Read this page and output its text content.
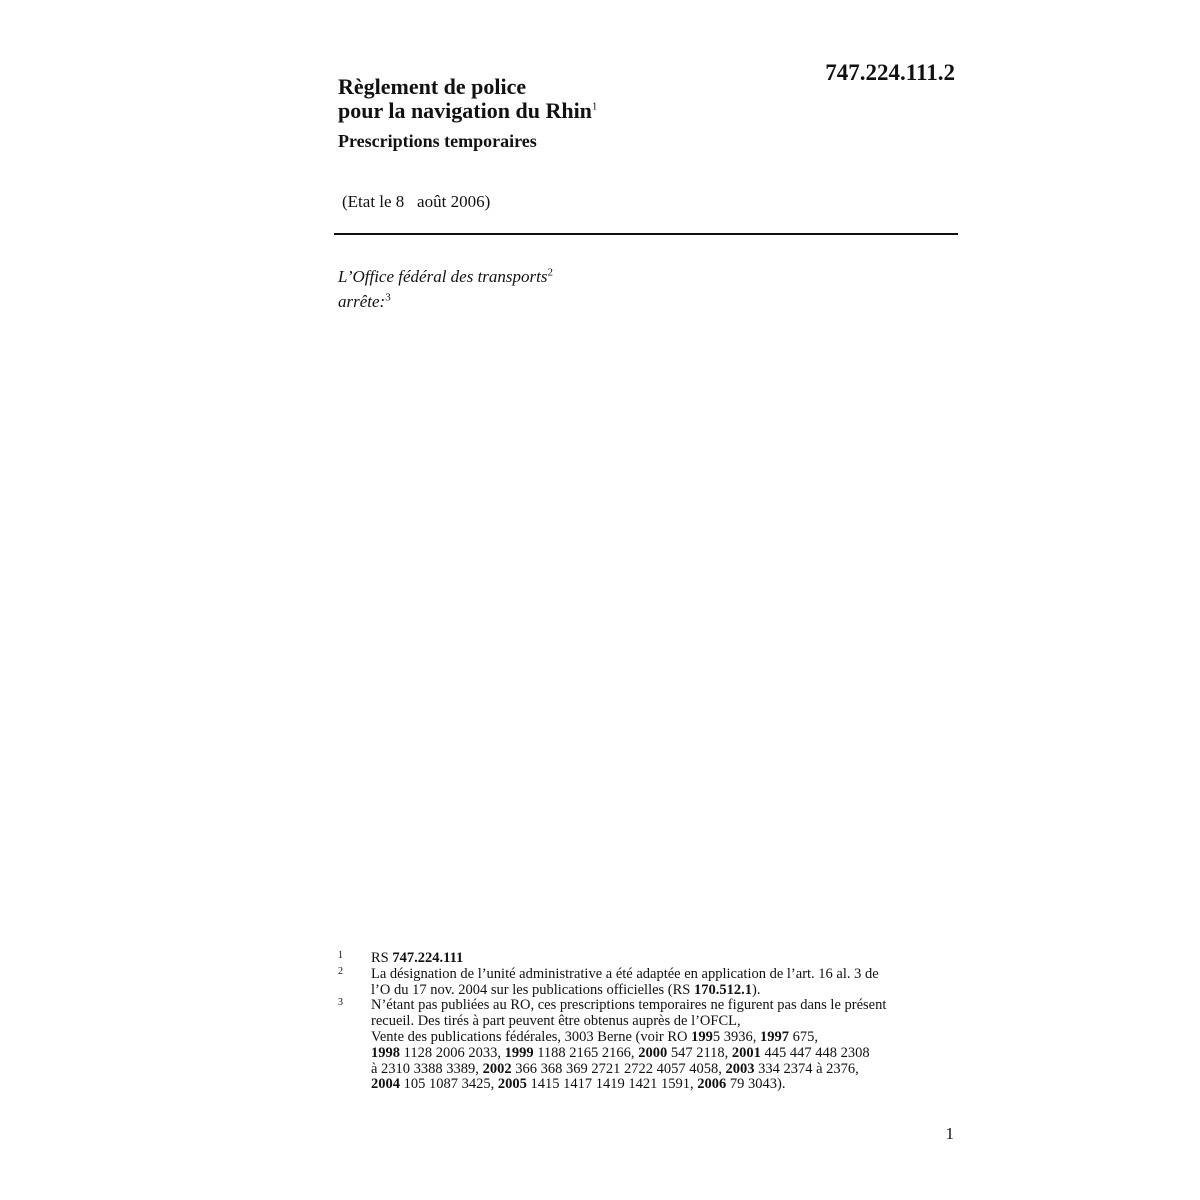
747.224.111.2
Règlement de police
pour la navigation du Rhin$^1$
Prescriptions temporaires
(Etat le 8   août 2006)
L’Office fédéral des transports$^2$
arrête:$^3$
1 RS 747.224.111
2 La désignation de l’unité administrative a été adaptée en application de l’art. 16 al. 3 de
l’O du 17 nov. 2004 sur les publications officielles (RS 170.512.1).
3 N’étant pas publiées au RO, ces prescriptions temporaires ne figurent pas dans le présent
recueil. Des tirés à part peuvent être obtenus auprès de l’OFCL,
Vente des publications fédérales, 3003 Berne (voir RO 1995 3936, 1997 675,
1998 1128 2006 2033, 1999 1188 2165 2166, 2000 547 2118, 2001 445 447 448 2308
à 2310 3388 3389, 2002 366 368 369 2721 2722 4057 4058, 2003 334 2374 à 2376,
2004 105 1087 3425, 2005 1415 1417 1419 1421 1591, 2006 79 3043).
1
